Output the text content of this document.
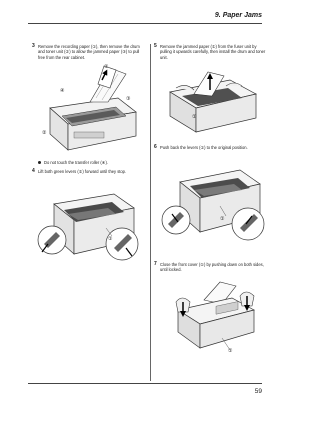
9. Paper Jams
59
3 Remove the recording paper (①), then remove the drum and toner unit (②) to allow the jammed paper (③) to pull free from the rear cabinet.
①
②
③
④
Do not touch the transfer roller (④).
4 Lift both green levers (①) forward until they stop.
①
5 Remove the jammed paper (①) from the fuser unit by pulling it upwards carefully, then install the drum and toner unit.
①
6 Push back the levers (①) to the original position.
①
7 Close the front cover (①) by pushing down on both sides, until locked.
①
